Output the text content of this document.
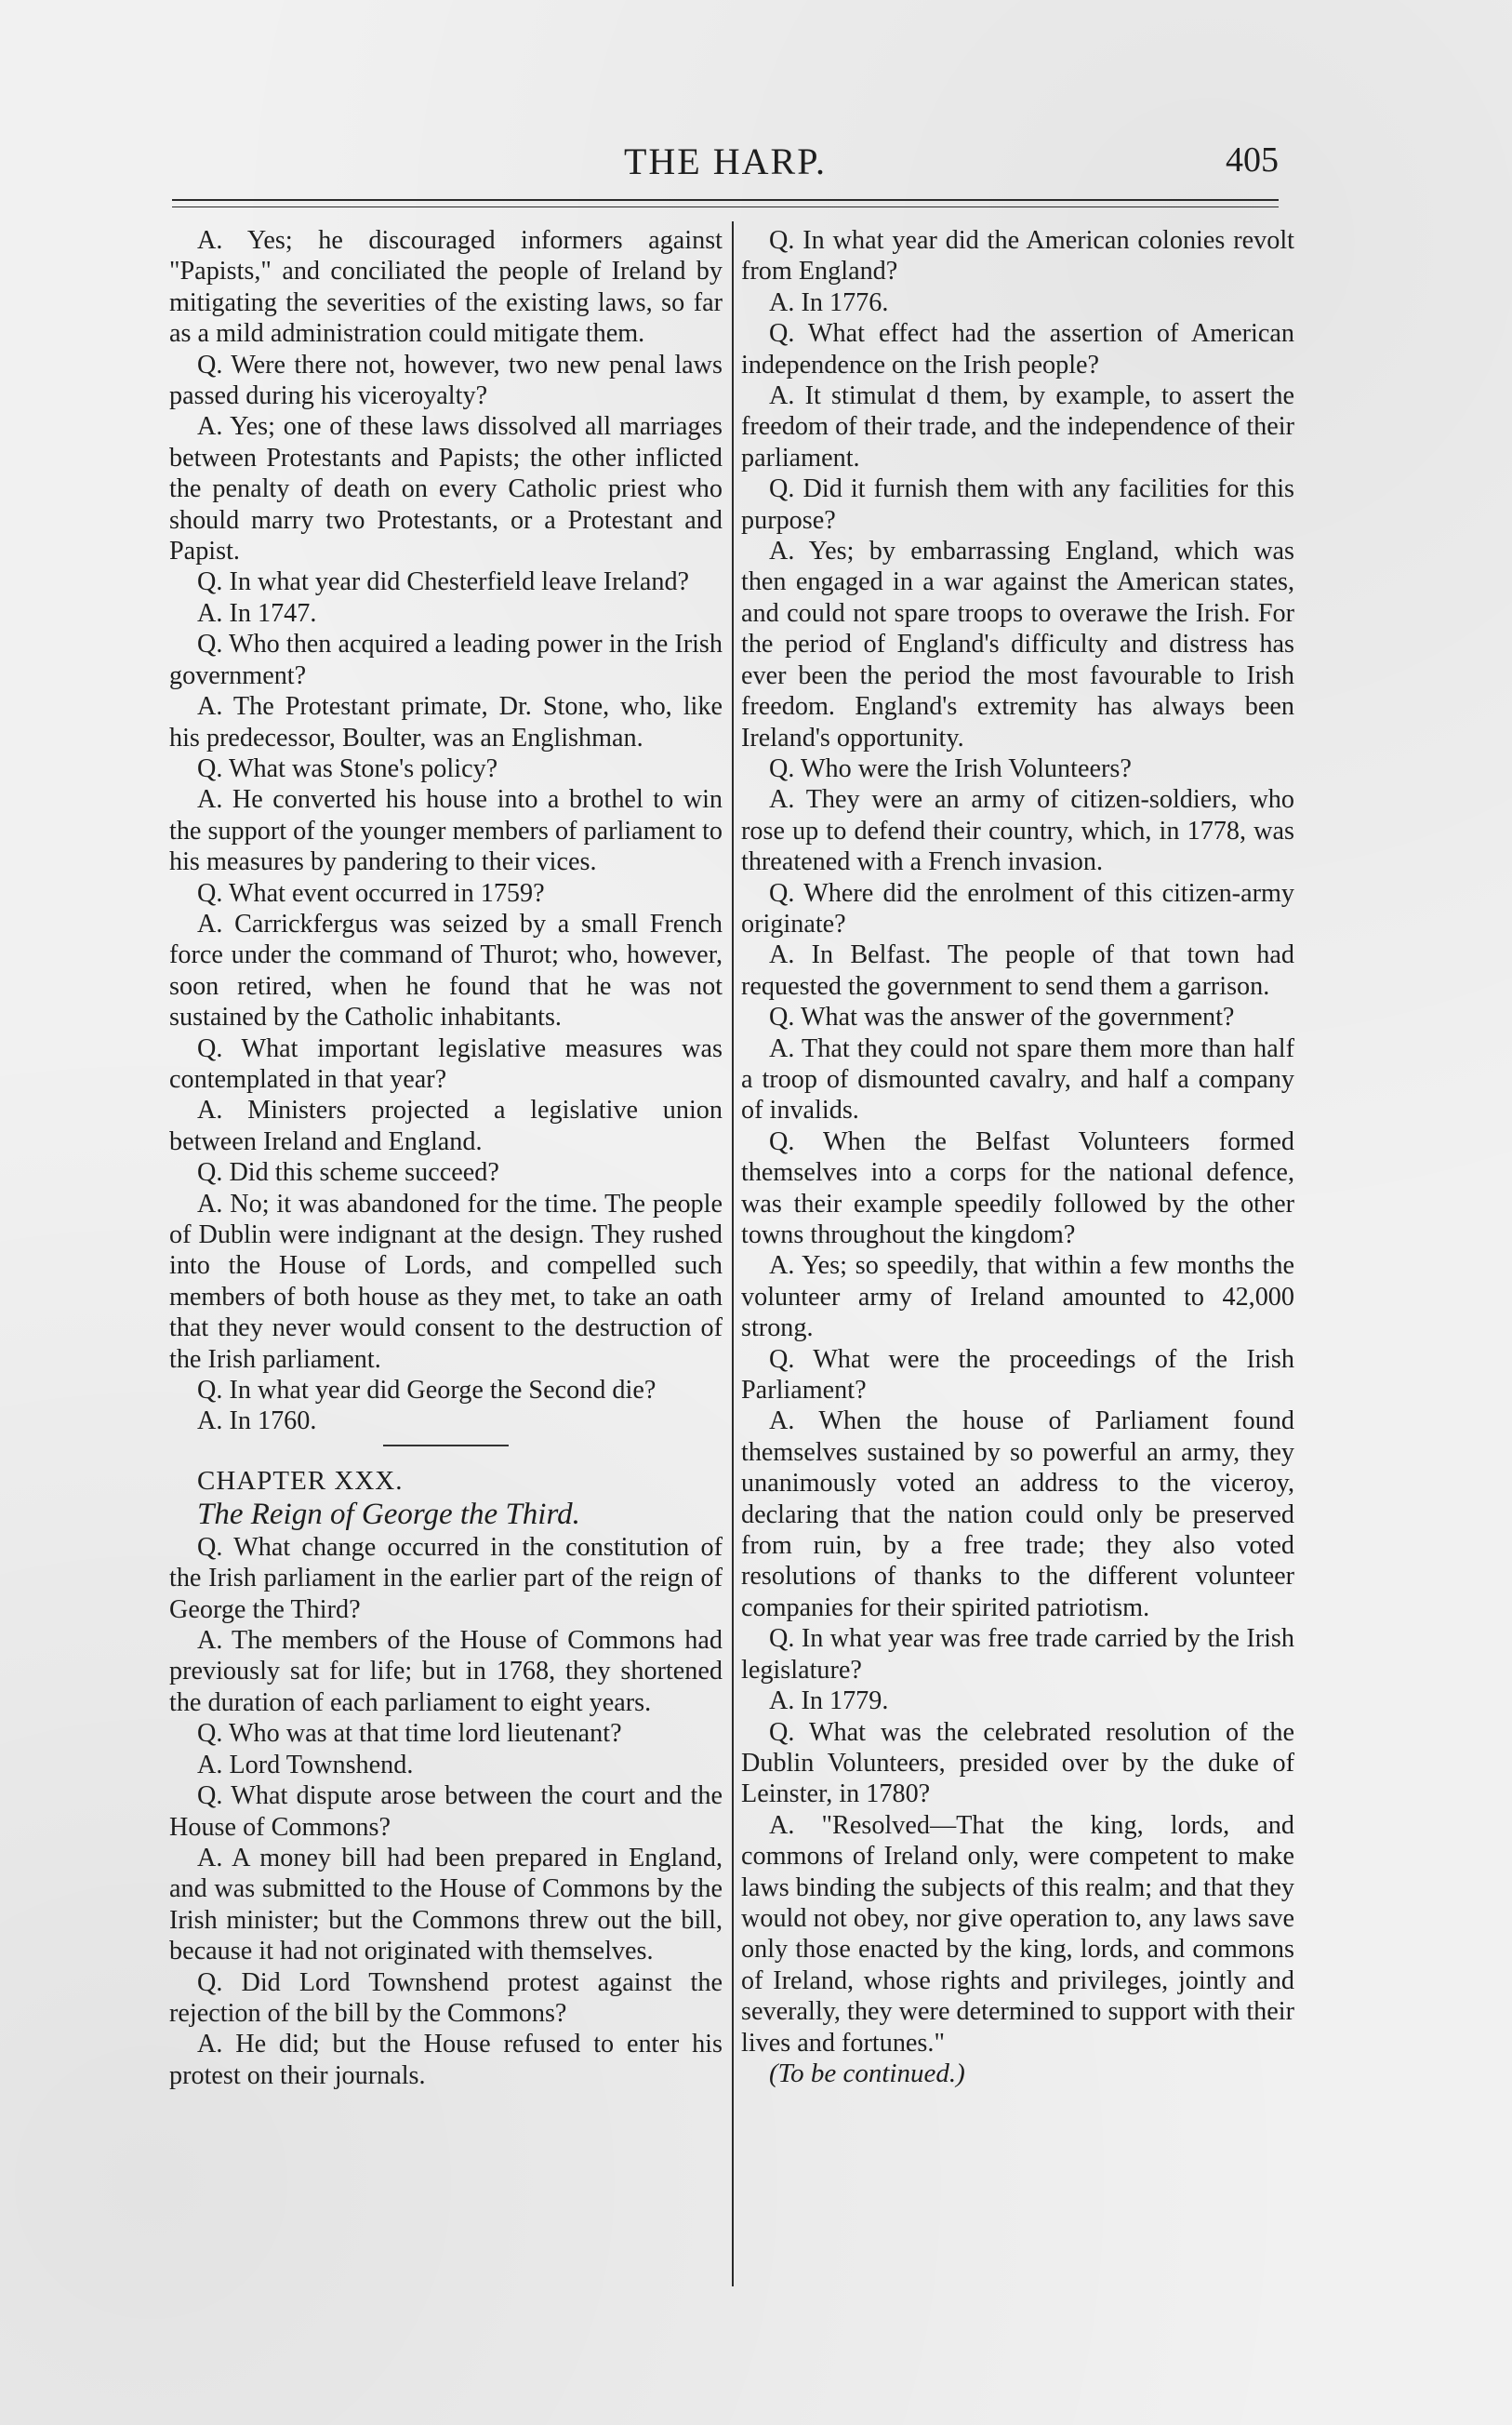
THE HARP.	405

A. Yes; he discouraged informers against "Papists," and conciliated the people of Ireland by mitigating the severities of the existing laws, so far as a mild administration could mitigate them.

Q. Were there not, however, two new penal laws passed during his viceroyalty?

A. Yes; one of these laws dissolved all marriages between Protestants and Papists; the other inflicted the penalty of death on every Catholic priest who should marry two Protestants, or a Protestant and Papist.

Q. In what year did Chesterfield leave Ireland?

A. In 1747.

Q. Who then acquired a leading power in the Irish government?

A. The Protestant primate, Dr. Stone, who, like his predecessor, Boulter, was an Englishman.

Q. What was Stone's policy?

A. He converted his house into a brothel to win the support of the younger members of parliament to his measures by pandering to their vices.

Q. What event occurred in 1759?

A. Carrickfergus was seized by a small French force under the command of Thurot; who, however, soon retired, when he found that he was not sustained by the Catholic inhabitants.

Q. What important legislative measures was contemplated in that year?

A. Ministers projected a legislative union between Ireland and England.

Q. Did this scheme succeed?

A. No; it was abandoned for the time. The people of Dublin were indignant at the design. They rushed into the House of Lords, and compelled such members of both house as they met, to take an oath that they never would consent to the destruction of the Irish parliament.

Q. In what year did George the Second die?

A. In 1760.

CHAPTER XXX.

The Reign of George the Third.

Q. What change occurred in the constitution of the Irish parliament in the earlier part of the reign of George the Third?

A. The members of the House of Commons had previously sat for life; but in 1768, they shortened the duration of each parliament to eight years.

Q. Who was at that time lord lieutenant?

A. Lord Townshend.

Q. What dispute arose between the court and the House of Commons?

A. A money bill had been prepared in England, and was submitted to the House of Commons by the Irish minister; but the Commons threw out the bill, because it had not originated with themselves.

Q. Did Lord Townshend protest against the rejection of the bill by the Commons?

A. He did; but the House refused to enter his protest on their journals.

Q. In what year did the American colonies revolt from England?

A. In 1776.

Q. What effect had the assertion of American independence on the Irish people?

A. It stimulat d them, by example, to assert the freedom of their trade, and the independence of their parliament.

Q. Did it furnish them with any facilities for this purpose?

A. Yes; by embarrassing England, which was then engaged in a war against the American states, and could not spare troops to overawe the Irish. For the period of England's difficulty and distress has ever been the period the most favourable to Irish freedom. England's extremity has always been Ireland's opportunity.

Q. Who were the Irish Volunteers?

A. They were an army of citizen-soldiers, who rose up to defend their country, which, in 1778, was threatened with a French invasion.

Q. Where did the enrolment of this citizen-army originate?

A. In Belfast. The people of that town had requested the government to send them a garrison.

Q. What was the answer of the government?

A. That they could not spare them more than half a troop of dismounted cavalry, and half a company of invalids.

Q. When the Belfast Volunteers formed themselves into a corps for the national defence, was their example speedily followed by the other towns throughout the kingdom?

A. Yes; so speedily, that within a few months the volunteer army of Ireland amounted to 42,000 strong.

Q. What were the proceedings of the Irish Parliament?

A. When the house of Parliament found themselves sustained by so powerful an army, they unanimously voted an address to the viceroy, declaring that the nation could only be preserved from ruin, by a free trade; they also voted resolutions of thanks to the different volunteer companies for their spirited patriotism.

Q. In what year was free trade carried by the Irish legislature?

A. In 1779.

Q. What was the celebrated resolution of the Dublin Volunteers, presided over by the duke of Leinster, in 1780?

A. "Resolved—That the king, lords, and commons of Ireland only, were competent to make laws binding the subjects of this realm; and that they would not obey, nor give operation to, any laws save only those enacted by the king, lords, and commons of Ireland, whose rights and privileges, jointly and severally, they were determined to support with their lives and fortunes."

(To be continued.)
